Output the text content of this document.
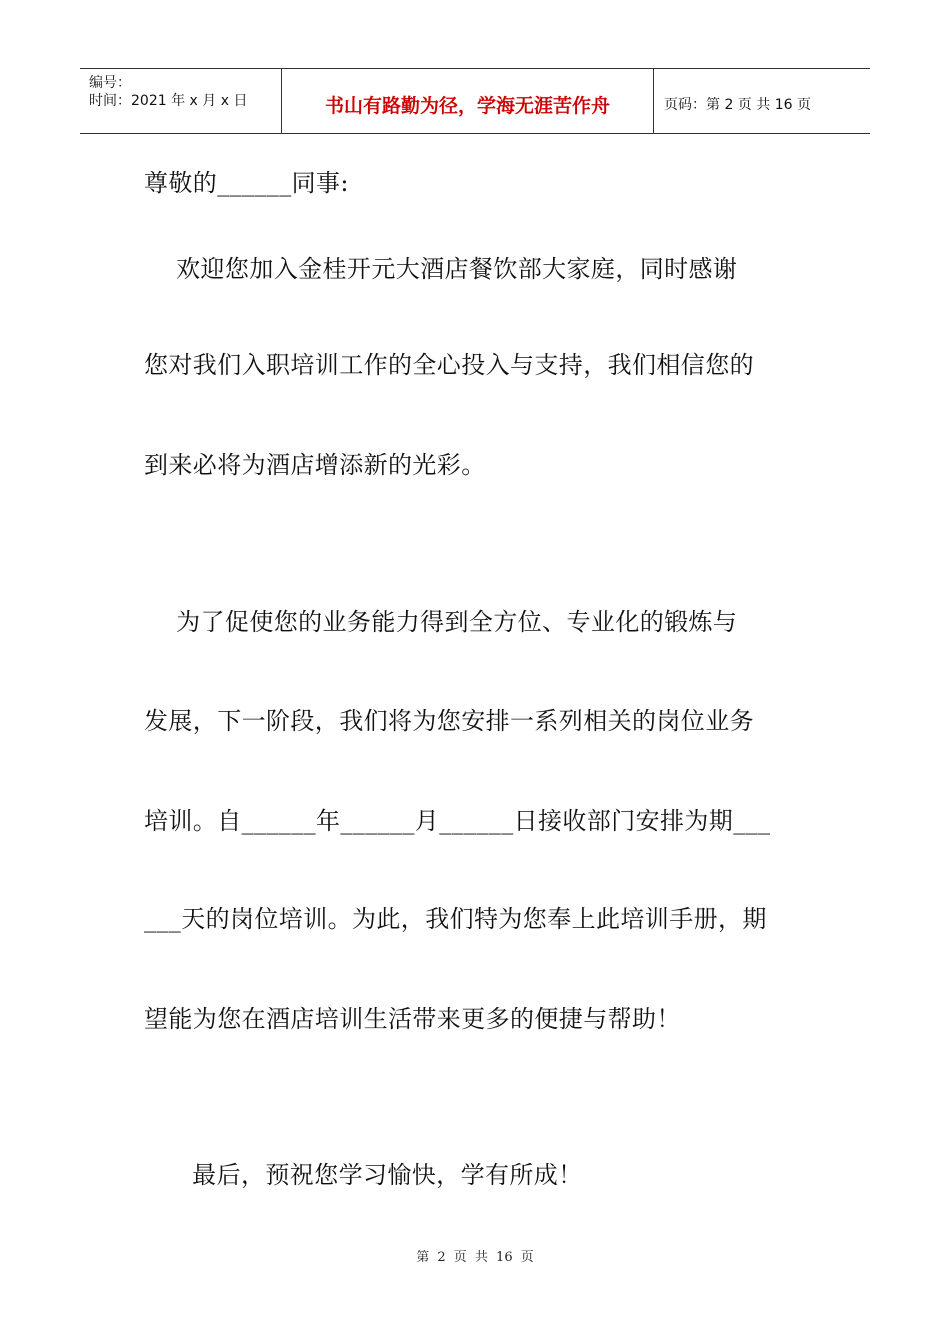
编号：
时间：2021 年 x 月 x 日	书山有路勤为径，学海无涯苦作舟	页码：第 2 页 共 16 页
尊敬的______同事:
欢迎您加入金桂开元大酒店餐饮部大家庭，同时感谢
您对我们入职培训工作的全心投入与支持，我们相信您的
到来必将为酒店增添新的光彩。
为了促使您的业务能力得到全方位、专业化的锻炼与
发展，下一阶段，我们将为您安排一系列相关的岗位业务
培训。自______年______月______日接收部门安排为期___
___天的岗位培训。为此，我们特为您奉上此培训手册，期
望能为您在酒店培训生活带来更多的便捷与帮助！
最后，预祝您学习愉快，学有所成！
第 2 页 共 16 页
